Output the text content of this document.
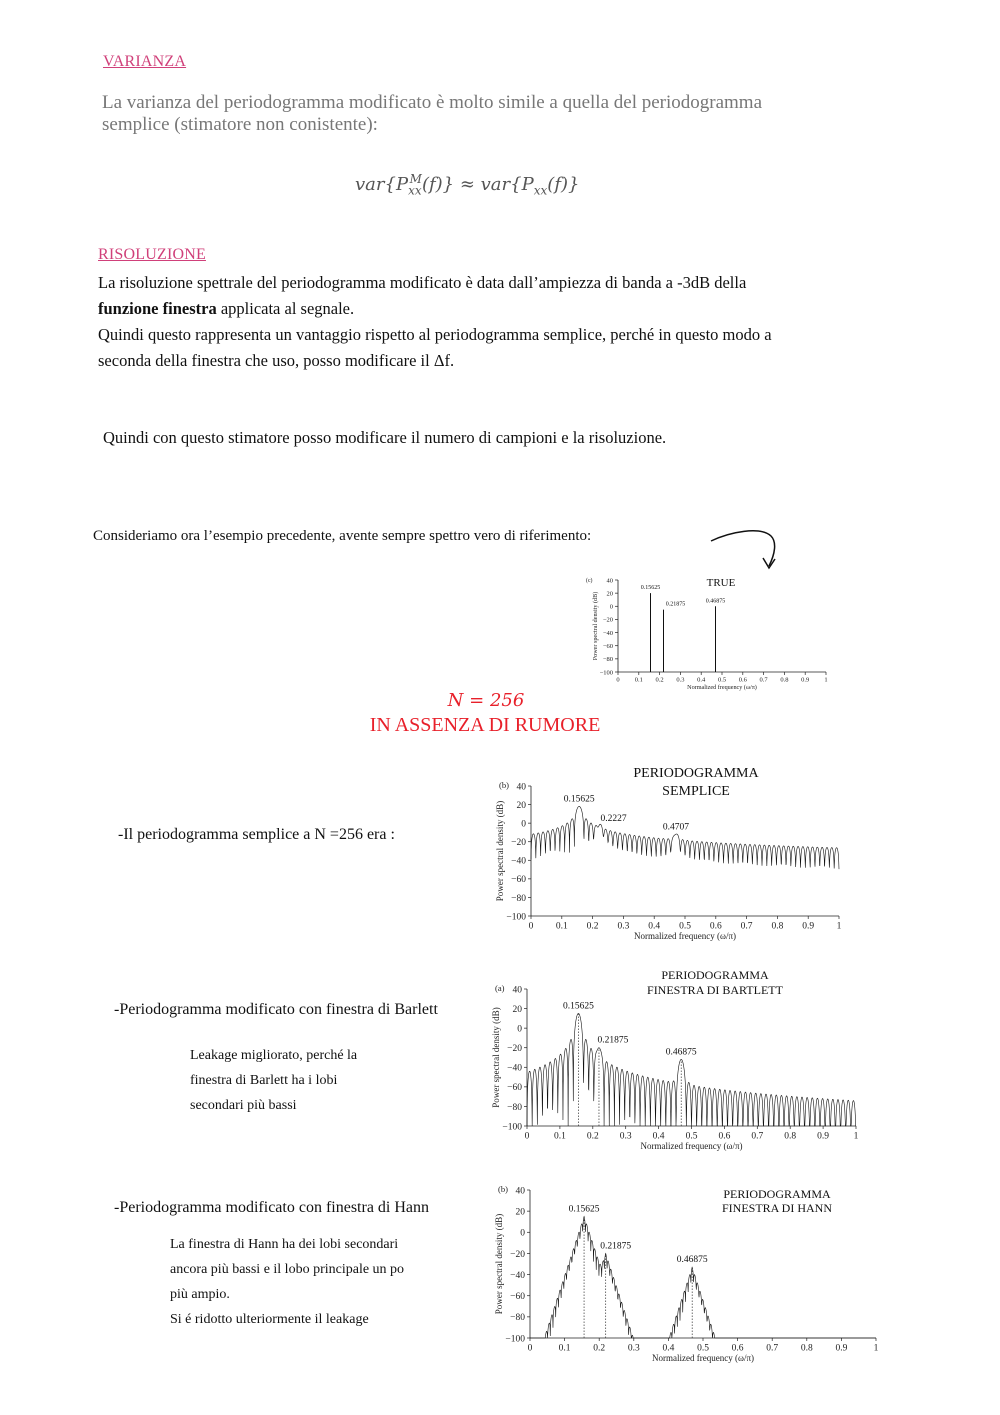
VARIANZA
La varianza del periodogramma modificato è molto simile a quella del periodogramma
semplice (stimatore non conistente):
$var\{P_{xx}^M(f)\} \approx var\{P_{xx}(f)\}$
RISOLUZIONE
La risoluzione spettrale del periodogramma modificato è data dall’ampiezza di banda a -3dB della
funzione finestra applicata al segnale.
Quindi questo rappresenta un vantaggio rispetto al periodogramma semplice, perché in questo modo a
seconda della finestra che uso, posso modificare il Δf.
Quindi con questo stimatore posso modificare il numero di campioni e la risoluzione.
Consideriamo ora l’esempio precedente, avente sempre spettro vero di riferimento:
(c) 40
20
0
−20
−40
−60
−80
−100
0 0.1 0.2 0.3 0.4 0.5 0.6 0.7 0.8 0.9 1
Normalized frequency (ω/π)
Power spectral density (dB)
TRUE
0.15625
0.21875
0.46875
N = 256
IN ASSENZA DI RUMORE
-Il periodogramma semplice a N =256 era :
(b) 40
20
0
−20
−40
−60
−80
−100
0 0.1 0.2 0.3 0.4 0.5 0.6 0.7 0.8 0.9 1
Normalized frequency (ω/π)
Power spectral density (dB)
PERIODOGRAMMA
SEMPLICE
0.15625
0.2227
0.4707
-Periodogramma modificato con finestra di Barlett
Leakage migliorato, perché la
finestra di Barlett ha i lobi
secondari più bassi
(a) 40
20
0
−20
−40
−60
−80
−100
0	0.1 0.2 0.3 0.4 0.5 0.6 0.7 0.8 0.9	1
Normalized frequency (ω/π)
Power spectral density (dB)
PERIODOGRAMMA
FINESTRA DI BARTLETT
0.15625
0.21875
0.46875
-Periodogramma modificato con finestra di Hann
La finestra di Hann ha dei lobi secondari
ancora più bassi e il lobo principale un po
più ampio.
Si é ridotto ulteriormente il leakage
(b) 40
20
0
−20
−40
−60
−80
−100
0	0.1 0.2 0.3 0.4 0.5 0.6 0.7 0.8 0.9	1
Normalized frequency (ω/π)
Power spectral density (dB)
PERIODOGRAMMA
FINESTRA DI HANN
0.15625
0.21875
0.46875
